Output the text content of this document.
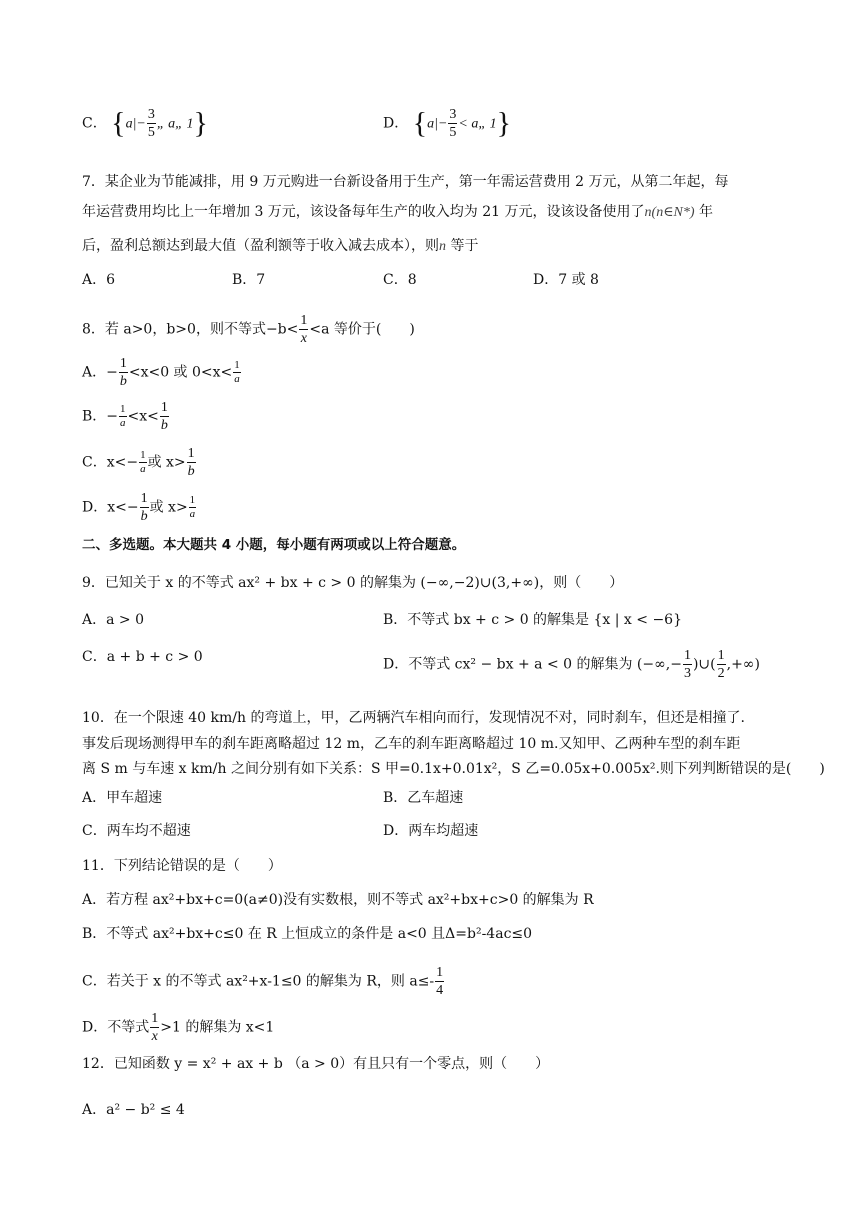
C． {$a|- \frac{3}{5}$ „ a„ 1}	D． {$a|- \frac{3}{5}$ < a„ 1}
7．某企业为节能减排，用 9 万元购进一台新设备用于生产，第一年需运营费用 2 万元，从第二年起，每
年运营费用均比上一年增加 3 万元，该设备每年生产的收入均为 21 万元，设该设备使用了n(n∈N*) 年
后，盈利总额达到最大值（盈利额等于收入减去成本），则n 等于
A．6	B．7	C．8	D．7 或 8
8．若 a>0，b>0，则不等式$-b< \frac{1}{x} <a$ 等价于(　　)
A．− $\frac{1}{b} <x<0$ 或 $0<x< \frac{1}{a}$
B．− $\frac{1}{a} <x< \frac{1}{b}$
C．$x<- \frac{1}{a}$ 或 $x> \frac{1}{b}$
D．$x<- \frac{1}{b}$ 或 $x> \frac{1}{a}$
二、多选题。本大题共 4 小题，每小题有两项或以上符合题意。
9．已知关于 x 的不等式 ax² + bx + c > 0 的解集为 (−∞,−2)∪(3,+∞)，则（　　）
A．a > 0	B．不等式 bx + c > 0 的解集是 {x | x < −6}
C．a + b + c > 0	D．不等式 cx² − bx + a < 0 的解集为 (−∞,− $\frac{1}{3}$ )∪( $\frac{1}{2}$ ,+∞)
10．在一个限速 40 km/h 的弯道上，甲，乙两辆汽车相向而行，发现情况不对，同时刹车，但还是相撞了.
事发后现场测得甲车的刹车距离略超过 12 m，乙车的刹车距离略超过 10 m.又知甲、乙两种车型的刹车距
离 S m 与车速 x km/h 之间分别有如下关系：S 甲=0.1x+0.01x²，S 乙=0.05x+0.005x².则下列判断错误的是(　　)
A．甲车超速	B．乙车超速
C．两车均不超速	D．两车均超速
11．下列结论错误的是（　　）
A．若方程 ax²+bx+c=0(a≠0)没有实数根，则不等式 ax²+bx+c>0 的解集为 R
B．不等式 ax²+bx+c≤0 在 R 上恒成立的条件是 a<0 且Δ=b²-4ac≤0
C．若关于 x 的不等式 ax²+x-1≤0 的解集为 R，则 $a\le- \frac{1}{4}$
D．不等式 $\frac{1}{x} >1$ 的解集为 x<1
12．已知函数 y = x² + ax + b （a > 0）有且只有一个零点，则（　　）
A．a² − b² ≤ 4
